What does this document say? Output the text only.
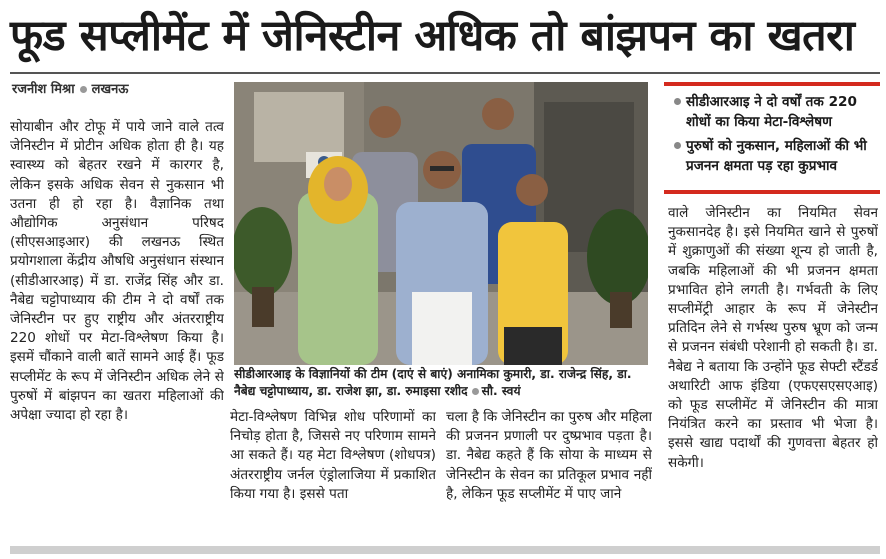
फूड सप्लीमेंट में जेनिस्टीन अधिक तो बांझपन का खतरा
रजनीश मिश्रा लखनऊ
सोयाबीन और टोफू में पाये जाने वाले तत्व जेनिस्टीन में प्रोटीन अधिक होता ही है। यह स्वास्थ्य को बेहतर रखने में कारगर है, लेकिन इसके अधिक सेवन से नुकसान भी उतना ही हो रहा है। वैज्ञानिक तथा औद्योगिक अनुसंधान परिषद (सीएसआइआर) की लखनऊ स्थित प्रयोगशाला केंद्रीय औषधि अनुसंधान संस्थान (सीडीआरआइ) में डा. राजेंद्र सिंह और डा. नैबेद्य चट्टोपाध्याय की टीम ने दो वर्षों तक जेनिस्टीन पर हुए राष्ट्रीय और अंतरराष्ट्रीय 220 शोधों पर मेटा-विश्लेषण किया है। इसमें चौंकाने वाली बातें सामने आई हैं। फूड सप्लीमेंट के रूप में जेनिस्टीन अधिक लेने से पुरुषों में बांझपन का खतरा महिलाओं की अपेक्षा ज्यादा हो रहा है।
सीडीआरआइ के विज्ञानियों की टीम (दाएं से बाएं) अनामिका कुमारी, डा. राजेन्द्र सिंह, डा. नैबेद्य चट्टोपाध्याय, डा. राजेश झा, डा. रुमाइसा रशीद सौ. स्वयं
मेटा-विश्लेषण विभिन्न शोध परिणामों का निचोड़ होता है, जिससे नए परिणाम सामने आ सकते हैं। यह मेटा विश्लेषण (शोधपत्र) अंतरराष्ट्रीय जर्नल एंड्रोलाजिया में प्रकाशित किया गया है। इससे पता
चला है कि जेनिस्टीन का पुरुष और महिला की प्रजनन प्रणाली पर दुष्प्रभाव पड़ता है। डा. नैबेद्य कहते हैं कि सोया के माध्यम से जेनिस्टीन के सेवन का प्रतिकूल प्रभाव नहीं है, लेकिन फूड सप्लीमेंट में पाए जाने
सीडीआरआइ ने दो वर्षों तक 220 शोधों का किया मेटा-विश्लेषण
पुरुषों को नुकसान, महिलाओं की भी प्रजनन क्षमता पड़ रहा कुप्रभाव
वाले जेनिस्टीन का नियमित सेवन नुकसानदेह है। इसे नियमित खाने से पुरुषों में शुक्राणुओं की संख्या शून्य हो जाती है, जबकि महिलाओं की भी प्रजनन क्षमता प्रभावित होने लगती है। गर्भवती के लिए सप्लीमेंट्री आहार के रूप में जेनेस्टीन प्रतिदिन लेने से गर्भस्थ पुरुष भ्रूण को जन्म से प्रजनन संबंधी परेशानी हो सकती है। डा. नैबेद्य ने बताया कि उन्होंने फूड सेफ्टी स्टैंडर्ड अथारिटी आफ इंडिया (एफएसएसएआइ) को फूड सप्लीमेंट में जेनिस्टीन की मात्रा नियंत्रित करने का प्रस्ताव भी भेजा है। इससे खाद्य पदार्थों की गुणवत्ता बेहतर हो सकेगी।
